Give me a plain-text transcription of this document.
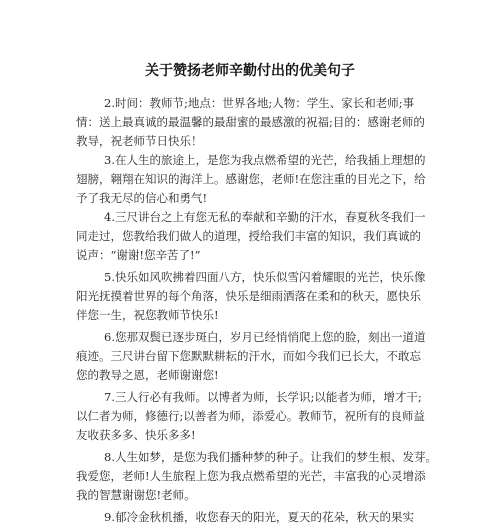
关于赞扬老师辛勤付出的优美句子
2.时间：教师节;地点：世界各地;人物：学生、家长和老师;事
情：送上最真诚的最温馨的最甜蜜的最感激的祝福;目的：感谢老师的
教导，祝老师节日快乐！
3.在人生的旅途上，是您为我点燃希望的光芒，给我插上理想的
翅膀，翱翔在知识的海洋上。感谢您，老师!在您注重的目光之下，给
予了我无尽的信心和勇气!
4.三尺讲台之上有您无私的奉献和辛勤的汗水，春夏秋冬我们一
同走过，您教给我们做人的道理，授给我们丰富的知识，我们真诚的
说声：“谢谢!您辛苦了!”
5.快乐如风吹拂着四面八方，快乐似雪闪着耀眼的光芒，快乐像
阳光抚摸着世界的每个角落，快乐是细雨洒落在柔和的秋天，愿快乐
伴您一生，祝您教师节快乐!
6.您那双鬓已逐步斑白，岁月已经悄悄爬上您的脸，刻出一道道
痕迹。三尺讲台留下您默默耕耘的汗水，而如今我们已长大，不敢忘
您的教导之恩，老师谢谢您!
7.三人行必有我师。以博者为师，长学识;以能者为师，增才干;
以仁者为师，修德行;以善者为师，添爱心。教师节，祝所有的良师益
友收获多多、快乐多多!
8.人生如梦，是您为我们播种梦的种子。让我们的梦生根、发芽。
我爱您，老师!人生旅程上您为我点燃希望的光芒，丰富我的心灵增添
我的智慧谢谢您!老师。
9.郁冷金秋机播，收您春天的阳光，夏天的花朵，秋天的果实
